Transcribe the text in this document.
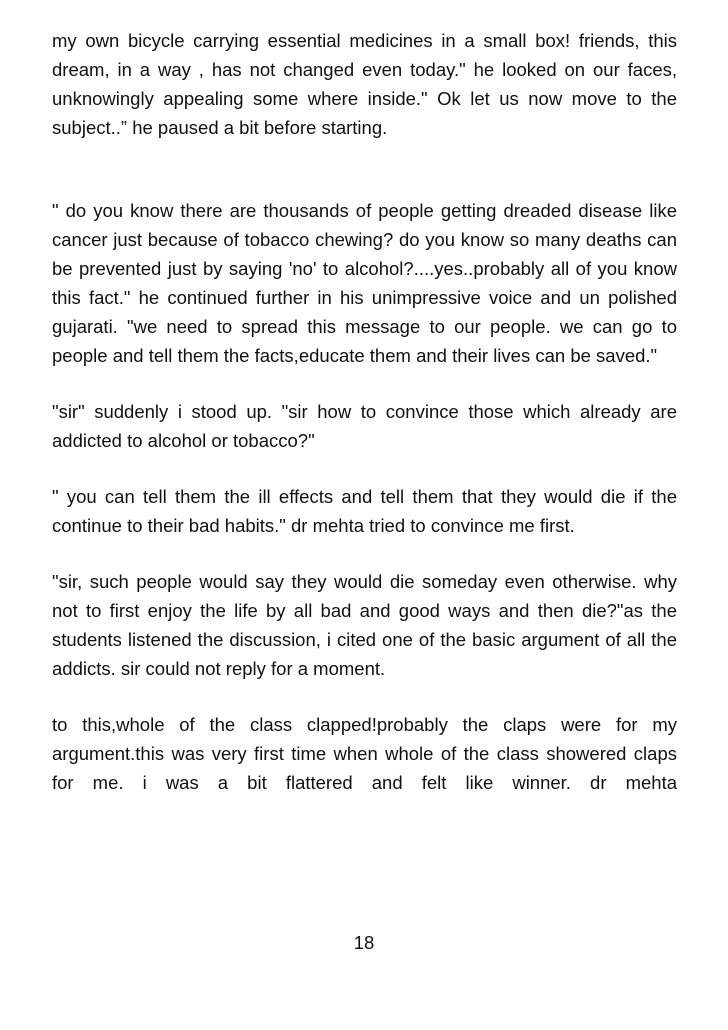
my own bicycle carrying essential medicines in a small box! friends, this dream, in a way , has not changed even today." he looked on our faces, unknowingly appealing some where inside." Ok let us now move to the subject..” he paused a bit before starting.

" do you know there are thousands of people getting dreaded disease like cancer just because of tobacco chewing? do you know so many deaths can be prevented just by saying 'no' to alcohol?....yes..probably all of you know this fact." he continued further in his unimpressive voice and un polished gujarati. "we need to spread this message to our people. we can go to people and tell them the facts,educate them and their lives can be saved."

"sir" suddenly i stood up. "sir how to convince those which already are addicted to alcohol or tobacco?"

" you can tell them the ill effects and tell them that they would die if the continue to their bad habits." dr mehta tried to convince me first.

"sir, such people would say they would die someday even otherwise. why not to first enjoy the life by all bad and good ways and then die?"as the students listened the discussion, i cited one of the basic argument of all the addicts. sir could not reply for a moment.

to this,whole of the class clapped!probably the claps were for my argument.this was very first time when whole of the class showered claps for me. i was a bit flattered and felt like winner. dr mehta

18
